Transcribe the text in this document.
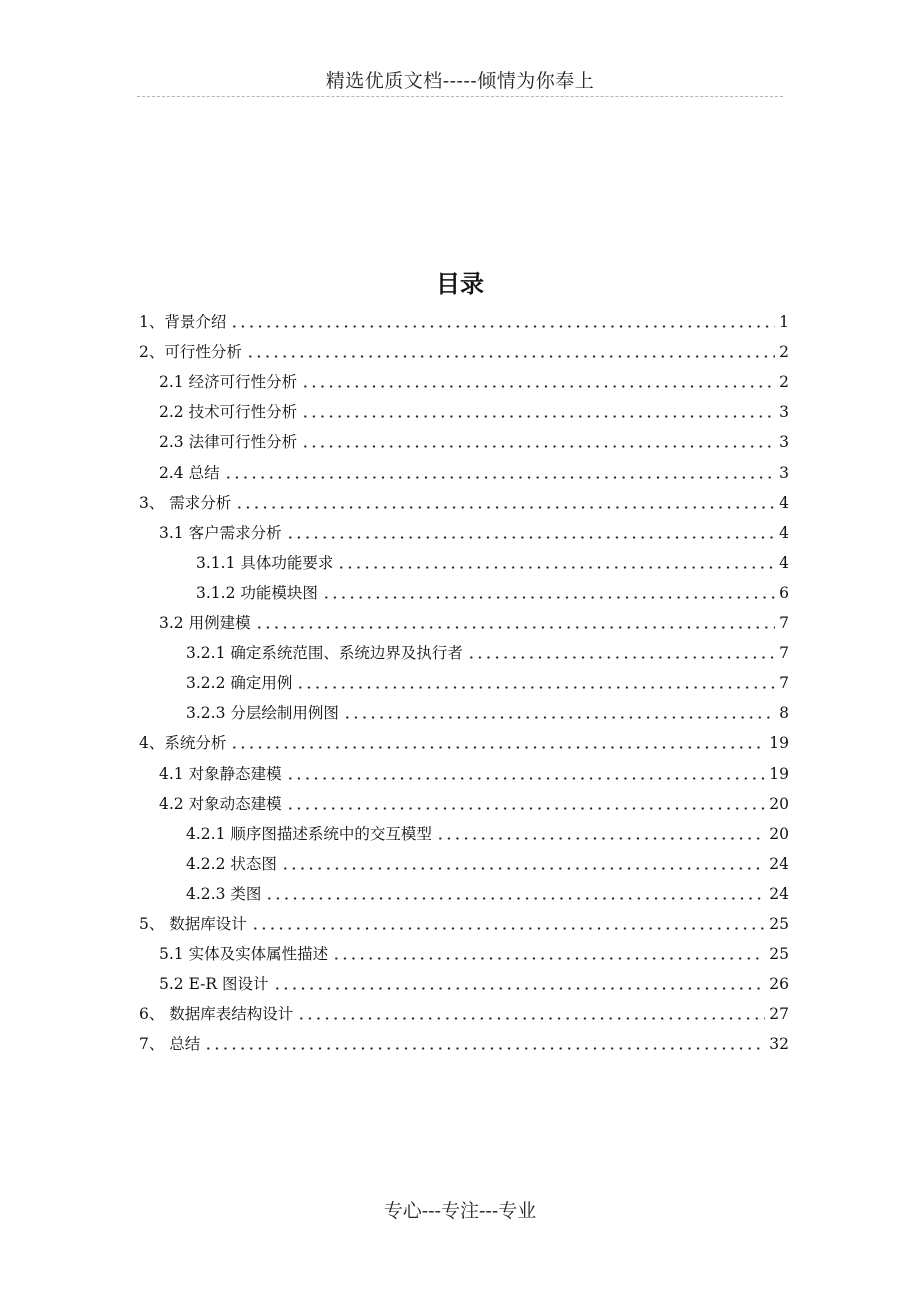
精选优质文档-----倾情为你奉上
目录
1、背景介绍	1
2、可行性分析	2
2.1 经济可行性分析	2
2.2 技术可行性分析	3
2.3 法律可行性分析	3
2.4 总结	3
3、 需求分析	4
3.1 客户需求分析	4
3.1.1 具体功能要求	4
3.1.2 功能模块图	6
3.2 用例建模	7
3.2.1 确定系统范围、系统边界及执行者	7
3.2.2 确定用例	7
3.2.3 分层绘制用例图	8
4、系统分析	19
4.1 对象静态建模	19
4.2 对象动态建模	20
4.2.1 顺序图描述系统中的交互模型	20
4.2.2 状态图	24
4.2.3 类图	24
5、 数据库设计	25
5.1 实体及实体属性描述	25
5.2 E-R 图设计	26
6、 数据库表结构设计	27
7、 总结	32
专心---专注---专业
